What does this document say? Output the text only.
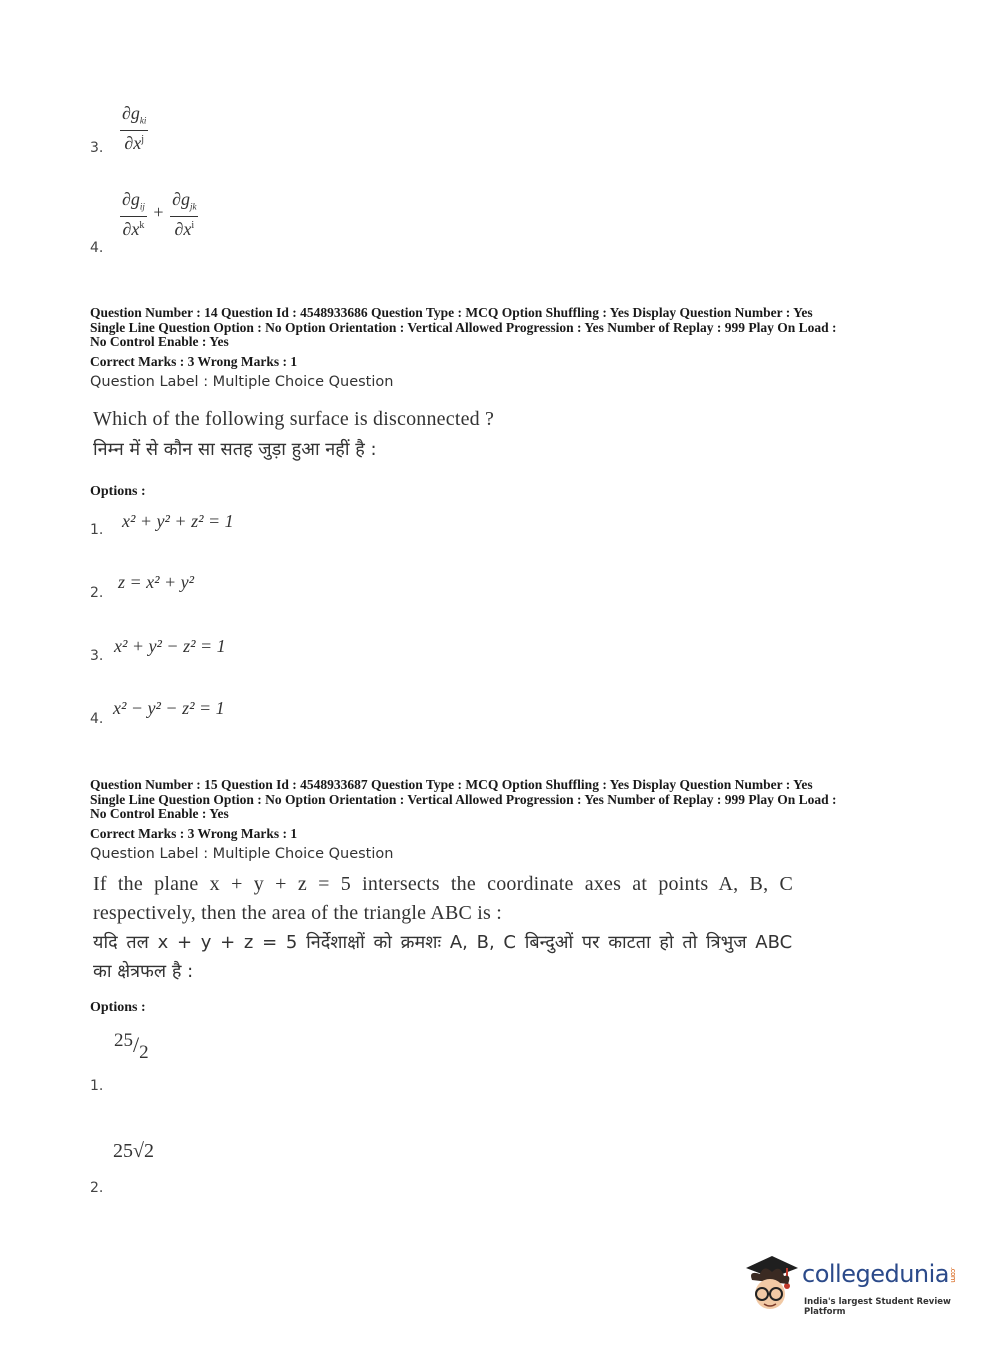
$\frac{\partial g_{ki}}{\partial x^j}$
3.
$\frac{\partial g_{ij}}{\partial x^k} + \frac{\partial g_{jk}}{\partial x^i}$
4.
Question Number : 14 Question Id : 4548933686 Question Type : MCQ Option Shuffling : Yes Display Question Number : Yes
Single Line Question Option : No Option Orientation : Vertical Allowed Progression : Yes Number of Replay : 999 Play On Load :
No Control Enable : Yes
Correct Marks : 3 Wrong Marks : 1
Question Label : Multiple Choice Question
Which of the following surface is disconnected ?
निम्न में से कौन सा सतह जुड़ा हुआ नहीं है :
Options :
x² + y² + z² = 1
1.
z = x² + y²
2.
x² + y² − z² = 1
3.
x² − y² − z² = 1
4.
Question Number : 15 Question Id : 4548933687 Question Type : MCQ Option Shuffling : Yes Display Question Number : Yes
Single Line Question Option : No Option Orientation : Vertical Allowed Progression : Yes Number of Replay : 999 Play On Load :
No Control Enable : Yes
Correct Marks : 3 Wrong Marks : 1
Question Label : Multiple Choice Question
If the plane x + y + z = 5 intersects the coordinate axes at points A, B, C
respectively, then the area of the triangle ABC is :
यदि तल x + y + z = 5 निर्देशाक्षों को क्रमशः A, B, C बिन्दुओं पर काटता हो तो त्रिभुज ABC
का क्षेत्रफल है :
Options :
25/2
1.
25√2
2.
collegedunia.com
India's largest Student Review Platform
